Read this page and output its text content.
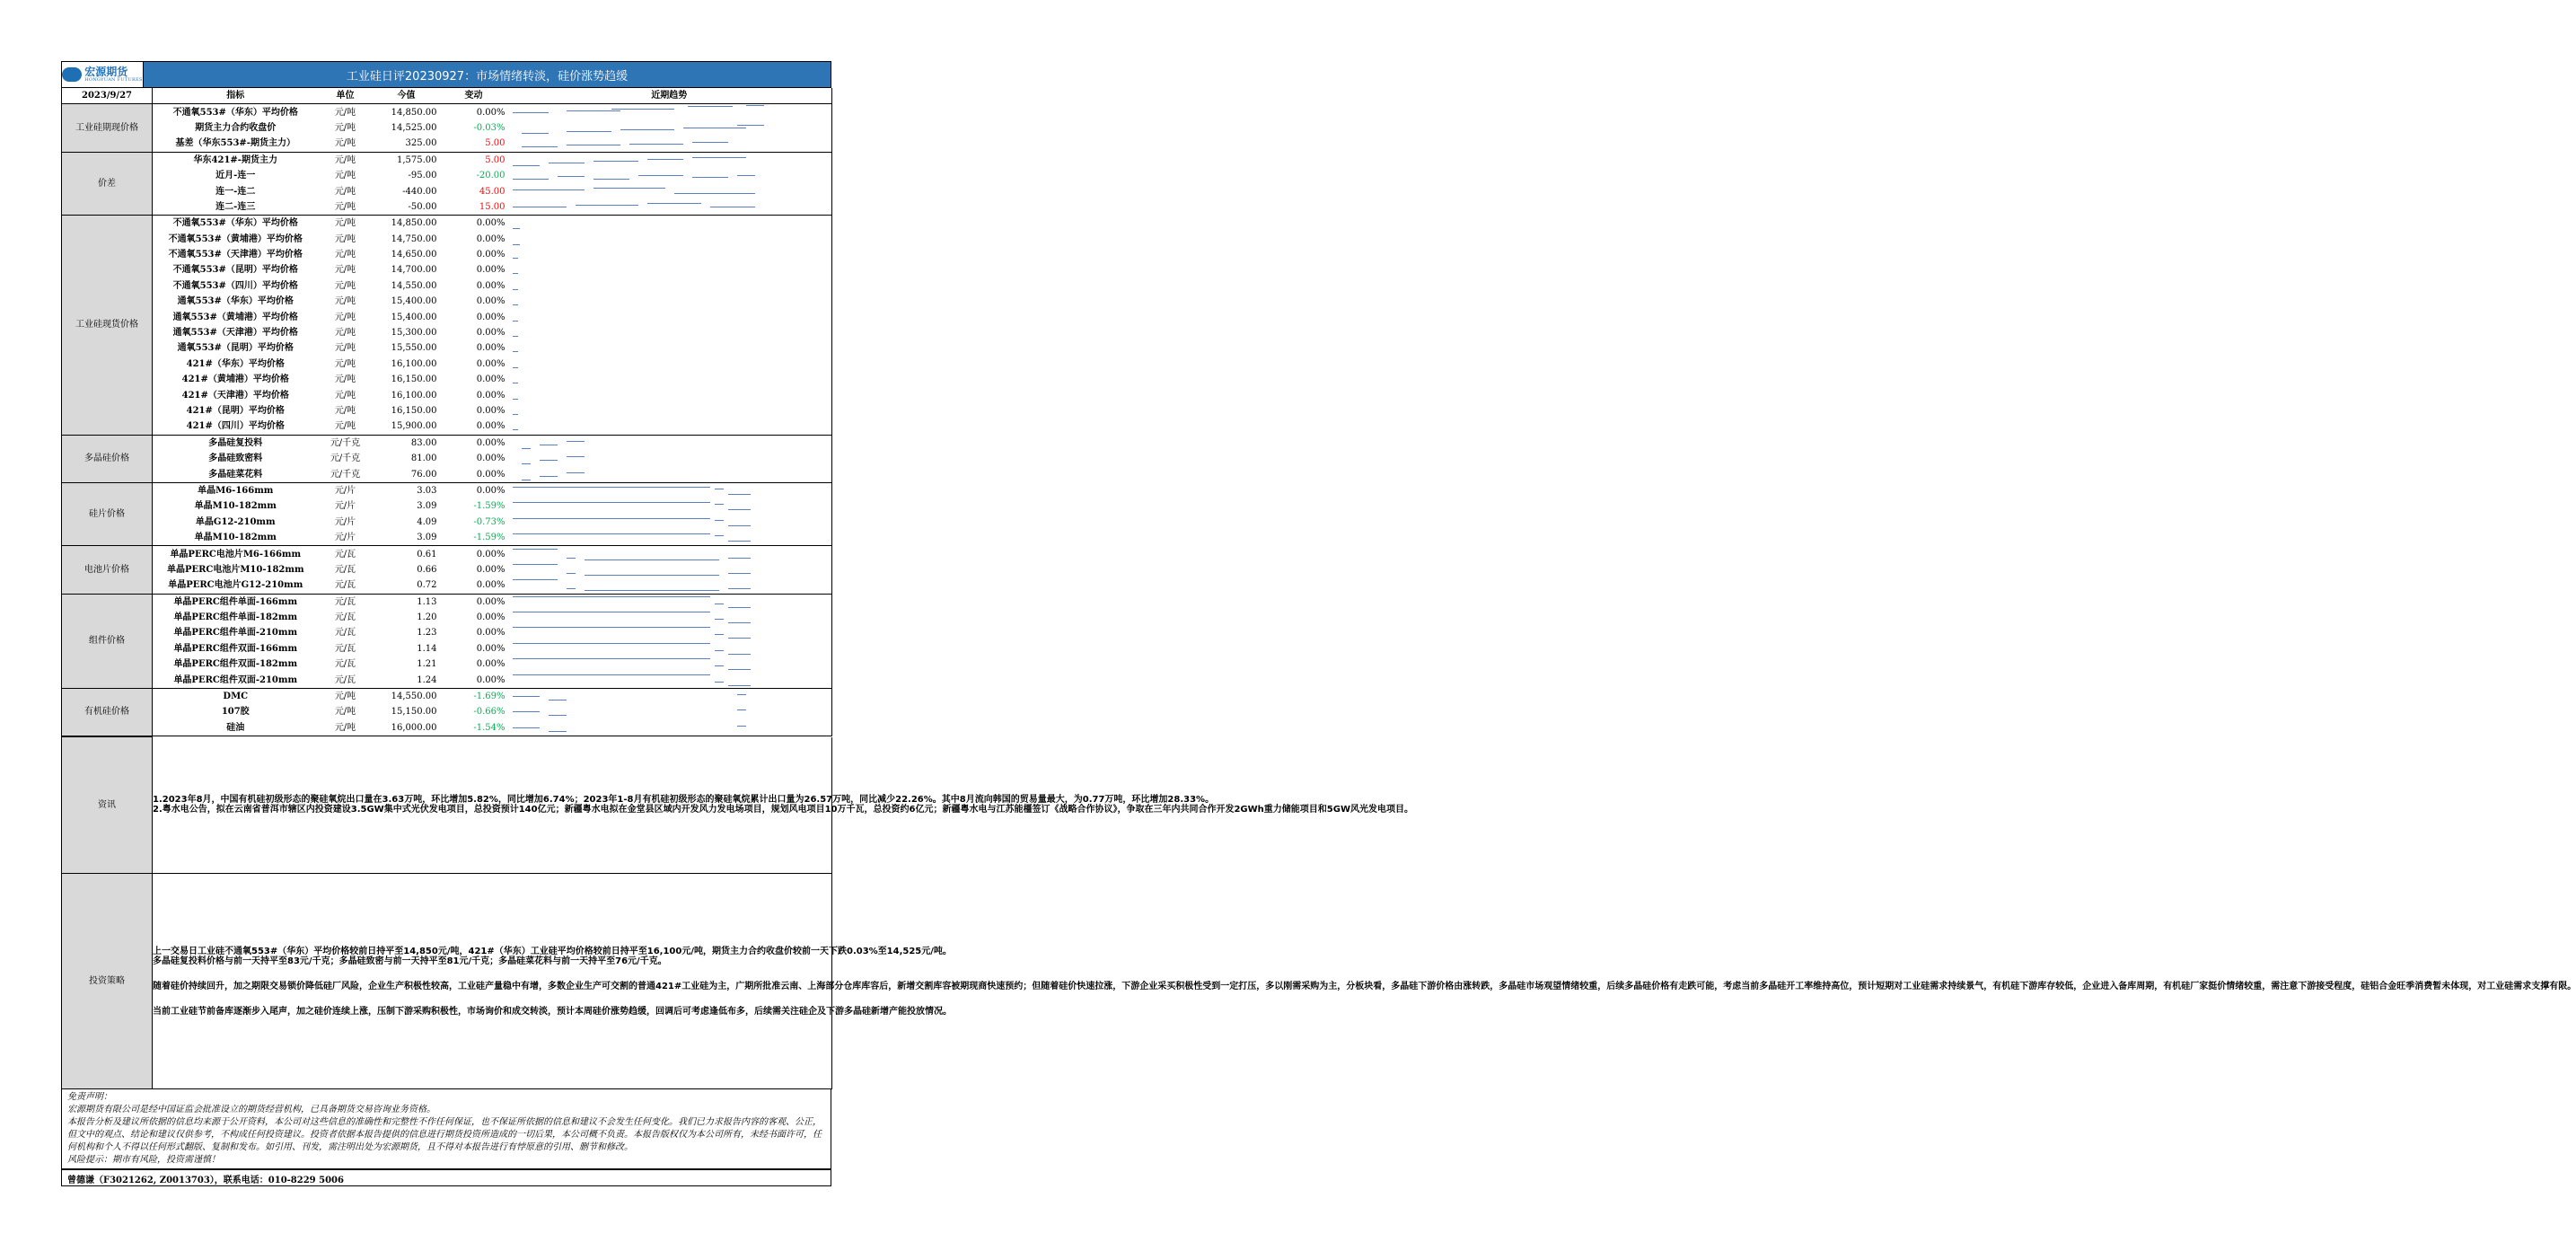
宏源期货
HONGYUAN FUTURES	工业硅日评20230927：市场情绪转淡，硅价涨势趋缓
2023/9/27	指标	单位	今值	变动	近期趋势
工业硅期现价格	不通氧553#（华东）平均价格	元/吨	14,850.00	0.00%	

	期货主力合约收盘价	元/吨	14,525.00	-0.03%	

	基差（华东553#-期货主力）	元/吨	325.00	5.00	

价差	华东421#-期货主力	元/吨	1,575.00	5.00	

	近月-连一	元/吨	-95.00	-20.00	

	连一-连二	元/吨	-440.00	45.00	

	连二-连三	元/吨	-50.00	15.00	

工业硅现货价格	不通氧553#（华东）平均价格	元/吨	14,850.00	0.00%	

	不通氧553#（黄埔港）平均价格	元/吨	14,750.00	0.00%	

	不通氧553#（天津港）平均价格	元/吨	14,650.00	0.00%	

	不通氧553#（昆明）平均价格	元/吨	14,700.00	0.00%	

	不通氧553#（四川）平均价格	元/吨	14,550.00	0.00%	

	通氧553#（华东）平均价格	元/吨	15,400.00	0.00%	

	通氧553#（黄埔港）平均价格	元/吨	15,400.00	0.00%	

	通氧553#（天津港）平均价格	元/吨	15,300.00	0.00%	

	通氧553#（昆明）平均价格	元/吨	15,550.00	0.00%	

	421#（华东）平均价格	元/吨	16,100.00	0.00%	

	421#（黄埔港）平均价格	元/吨	16,150.00	0.00%	

	421#（天津港）平均价格	元/吨	16,100.00	0.00%	

	421#（昆明）平均价格	元/吨	16,150.00	0.00%	

	421#（四川）平均价格	元/吨	15,900.00	0.00%	

多晶硅价格	多晶硅复投料	元/千克	83.00	0.00%	

	多晶硅致密料	元/千克	81.00	0.00%	

	多晶硅菜花料	元/千克	76.00	0.00%	

硅片价格	单晶M6-166mm	元/片	3.03	0.00%	

	单晶M10-182mm	元/片	3.09	-1.59%	

	单晶G12-210mm	元/片	4.09	-0.73%	

	单晶M10-182mm	元/片	3.09	-1.59%	

电池片价格	单晶PERC电池片M6-166mm	元/瓦	0.61	0.00%	

	单晶PERC电池片M10-182mm	元/瓦	0.66	0.00%	

	单晶PERC电池片G12-210mm	元/瓦	0.72	0.00%	

组件价格	单晶PERC组件单面-166mm	元/瓦	1.13	0.00%	

	单晶PERC组件单面-182mm	元/瓦	1.20	0.00%	

	单晶PERC组件单面-210mm	元/瓦	1.23	0.00%	

	单晶PERC组件双面-166mm	元/瓦	1.14	0.00%	

	单晶PERC组件双面-182mm	元/瓦	1.21	0.00%	

	单晶PERC组件双面-210mm	元/瓦	1.24	0.00%	

有机硅价格	DMC	元/吨	14,550.00	-1.69%	

	107胶	元/吨	15,150.00	-0.66%	

	硅油	元/吨	16,000.00	-1.54%	
资讯	1.2023年8月，中国有机硅初级形态的聚硅氧烷出口量在3.63万吨，环比增加5.82%，同比增加6.74%；2023年1-8月有机硅初级形态的聚硅氧烷累计出口量为26.57万吨，同比减少22.26%。其中8月流向韩国的贸易量最大，为0.77万吨，环比增加28.33%。
2.粤水电公告，拟在云南省普洱市辖区内投资建设3.5GW集中式光伏发电项目，总投资预计140亿元；新疆粤水电拟在金堂县区域内开发风力发电场项目，规划风电项目10万千瓦，总投资约6亿元；新疆粤水电与江苏能橿签订《战略合作协议》，争取在三年内共同合作开发2GWh重力储能项目和5GW风光发电项目。

投资策略	上一交易日工业硅不通氧553#（华东）平均价格较前日持平至14,850元/吨，421#（华东）工业硅平均价格较前日持平至16,100元/吨，期货主力合约收盘价较前一天下跌0.03%至14,525元/吨。
多晶硅复投料价格与前一天持平至83元/千克；多晶硅致密与前一天持平至81元/千克；多晶硅菜花料与前一天持平至76元/千克。
随着硅价持续回升，加之期限交易锁价降低硅厂风险，企业生产积极性较高，工业硅产量稳中有增，多数企业生产可交割的普通421#工业硅为主，广期所批准云南、上海部分仓库库容后，新增交割库容被期现商快速预约；但随着硅价快速拉涨，下游企业采买积极性受到一定打压，多以刚需采购为主，分板块看，多晶硅下游价格由涨转跌，多晶硅市场观望情绪较重，后续多晶硅价格有走跌可能，考虑当前多晶硅开工率维持高位，预计短期对工业硅需求持续景气，有机硅下游库存较低，企业进入备库周期，有机硅厂家挺价情绪较重，需注意下游接受程度，硅铝合金旺季消费暂未体现，对工业硅需求支撑有限。
当前工业硅节前备库逐渐步入尾声，加之硅价连续上涨，压制下游采购积极性，市场询价和成交转淡，预计本周硅价涨势趋缓，回调后可考虑逢低布多，后续需关注硅企及下游多晶硅新增产能投放情况。
免责声明：
宏源期货有限公司是经中国证监会批准设立的期货经营机构，已具备期货交易咨询业务资格。
本报告分析及建议所依据的信息均来源于公开资料，本公司对这些信息的准确性和完整性不作任何保证，也不保证所依据的信息和建议不会发生任何变化。我们已力求报告内容的客观、公正，但文中的观点、结论和建议仅供参考，不构成任何投资建议。投资者依据本报告提供的信息进行期货投资所造成的一切后果，本公司概不负责。本报告版权仅为本公司所有，未经书面许可，任何机构和个人不得以任何形式翻版、复制和发布。如引用、刊发，需注明出处为宏源期货，且不得对本报告进行有悖原意的引用、删节和修改。
风险提示：期市有风险，投资需谨慎！
曾德谦（F3021262, Z0013703），联系电话：010-8229 5006
